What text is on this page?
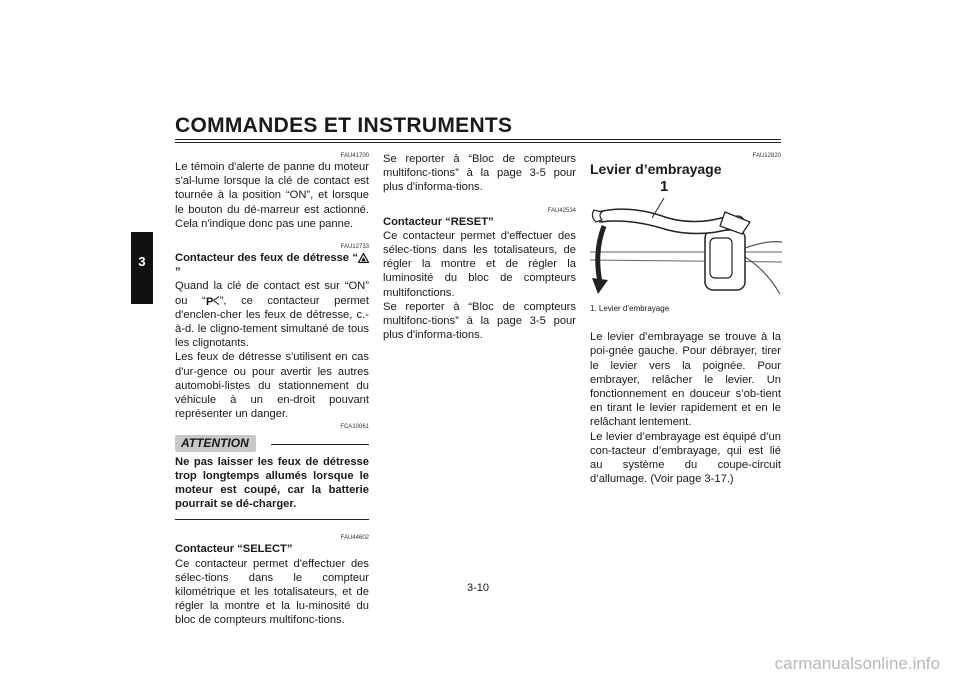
COMMANDES ET INSTRUMENTS
3
FAU41700

Le témoin d'alerte de panne du moteur s'al-lume lorsque la clé de contact est tournée à la position “ON”, et lorsque le bouton du dé-marreur est actionné. Cela n'indique donc pas une panne.

FAU12733

Contacteur des feux de détresse “”

Quand la clé de contact est sur “ON” ou “ P ”, ce contacteur permet d'enclen-cher les feux de détresse, c.-à-d. le cligno-tement simultané de tous les clignotants.

Les feux de détresse s'utilisent en cas d'ur-gence ou pour avertir les autres automobi-listes du stationnement du véhicule à un en-droit pouvant représenter un danger.

FCA10061
ATTENTION

Ne pas laisser les feux de détresse trop longtemps allumés lorsque le moteur est coupé, car la batterie pourrait se dé-charger.

FAU44602

Contacteur “SELECT”

Ce contacteur permet d'effectuer des sélec-tions dans le compteur kilométrique et les totalisateurs, et de régler la montre et la lu-minosité du bloc de compteurs multifonc-tions.

Se reporter à “Bloc de compteurs multifonc-tions” à la page 3-5 pour plus d'informa-tions.

FAU42534

Contacteur “RESET”

Ce contacteur permet d'effectuer des sélec-tions dans les totalisateurs, de régler la montre et de régler la luminosité du bloc de compteurs multifonctions.

Se reporter à “Bloc de compteurs multifonc-tions” à la page 3-5 pour plus d'informa-tions.

FAU12820

Levier d’embrayage

1
1. Levier d’embrayage

Le levier d’embrayage se trouve à la poi-gnée gauche. Pour débrayer, tirer le levier vers la poignée. Pour embrayer, relâcher le levier. Un fonctionnement en douceur s’ob-tient en tirant le levier rapidement et en le relâchant lentement.

Le levier d’embrayage est équipé d’un con-tacteur d’embrayage, qui est lié au système du coupe-circuit d’allumage. (Voir page 3-17.)

3-10
carmanualsonline.info
